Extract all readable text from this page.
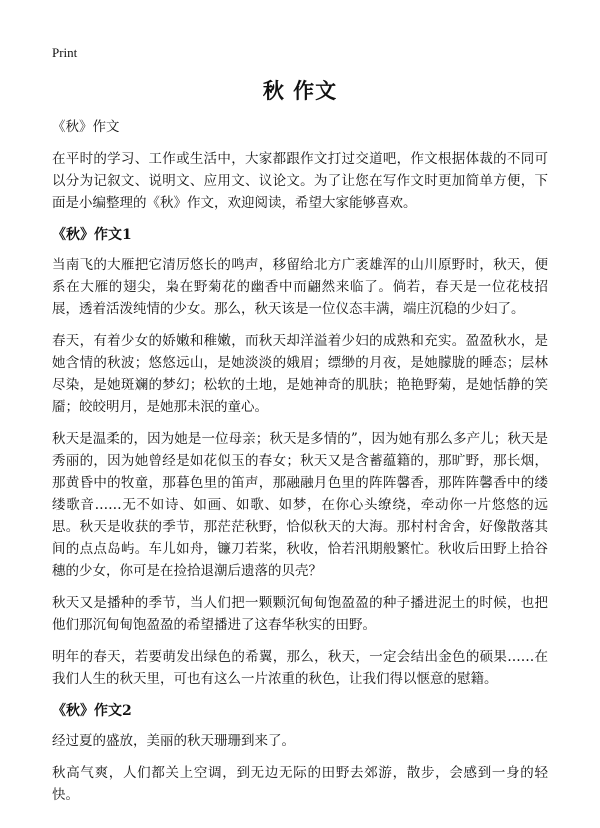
Print
秋 作文
《秋》作文

在平时的学习、工作或生活中，大家都跟作文打过交道吧，作文根据体裁的不同可以分为记叙文、说明文、应用文、议论文。为了让您在写作文时更加简单方便，下面是小编整理的《秋》作文，欢迎阅读，希望大家能够喜欢。

《秋》作文1

当南飞的大雁把它清厉悠长的鸣声，移留给北方广袤雄浑的山川原野时，秋天，便系在大雁的翅尖，枭在野菊花的幽香中而翩然来临了。倘若，春天是一位花枝招展，透着活泼纯情的少女。那么，秋天该是一位仪态丰满，端庄沉稳的少妇了。

春天，有着少女的娇嫩和稚嫩，而秋天却洋溢着少妇的成熟和充实。盈盈秋水，是她含情的秋波；悠悠远山，是她淡淡的娥眉；缥缈的月夜，是她朦胧的睡态；层林尽染，是她斑斓的梦幻；松软的土地，是她神奇的肌肤；艳艳野菊，是她恬静的笑靥；皎皎明月，是她那未泯的童心。

秋天是温柔的，因为她是一位母亲；秋天是多情的”，因为她有那么多产儿；秋天是秀丽的，因为她曾经是如花似玉的春女；秋天又是含蓄蕴籍的，那旷野，那长烟，那黄昏中的牧童，那暮色里的笛声，那融融月色里的阵阵馨香，那阵阵馨香中的缕缕歌音……无不如诗、如画、如歌、如梦，在你心头缭绕，牵动你一片悠悠的远思。秋天是收获的季节，那茫茫秋野，恰似秋天的大海。那村村舍舍，好像散落其间的点点岛屿。车儿如舟，镰刀若桨，秋收，恰若汛期般繁忙。秋收后田野上拾谷穗的少女，你可是在捡拾退潮后遗落的贝壳？

秋天又是播种的季节，当人们把一颗颗沉甸甸饱盈盈的种子播进泥土的时候，也把他们那沉甸甸饱盈盈的希望播进了这春华秋实的田野。

明年的春天，若要萌发出绿色的希翼，那么，秋天，一定会结出金色的硕果……在我们人生的秋天里，可也有这么一片浓重的秋色，让我们得以惬意的慰籍。

《秋》作文2

经过夏的盛放，美丽的秋天珊珊到来了。

秋高气爽，人们都关上空调，到无边无际的田野去郊游，散步，会感到一身的轻快。
